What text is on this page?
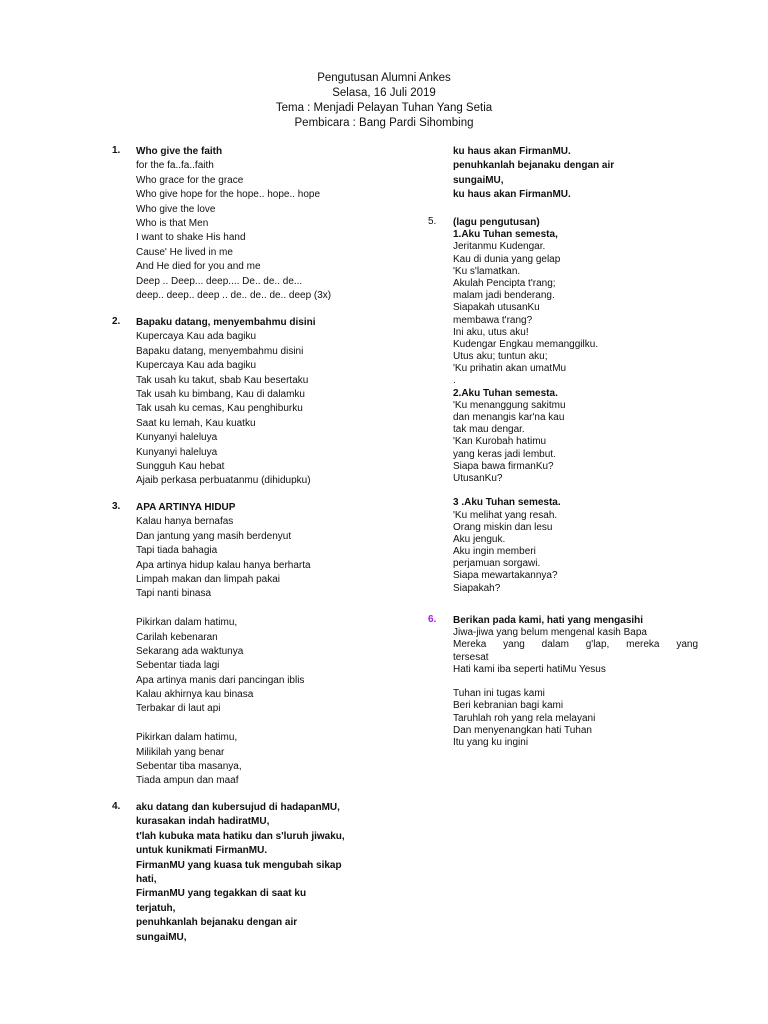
Pengutusan Alumni Ankes
Selasa, 16 Juli 2019
Tema : Menjadi Pelayan Tuhan Yang Setia
Pembicara : Bang Pardi Sihombing
1. Who give the faith
for the fa..fa..faith
Who grace for the grace
Who give hope for the hope.. hope.. hope
Who give the love
Who is that Men
I want to shake His hand
Cause' He lived in me
And He died for you and me
Deep .. Deep... deep.... De.. de.. de...
deep.. deep.. deep .. de.. de.. de.. deep (3x)
2. Bapaku datang, menyembahmu disini
Kupercaya Kau ada bagiku
Bapaku datang, menyembahmu disini
Kupercaya Kau ada bagiku
Tak usah ku takut, sbab Kau besertaku
Tak usah ku bimbang, Kau di dalamku
Tak usah ku cemas, Kau penghiburku
Saat ku lemah, Kau kuatku
Kunyanyi haleluya
Kunyanyi haleluya
Sungguh Kau hebat
Ajaib perkasa perbuatanmu (dihidupku)
3. APA ARTINYA HIDUP
Kalau hanya bernafas
Dan jantung yang masih berdenyut
Tapi tiada bahagia
Apa artinya hidup kalau hanya berharta
Limpah makan dan limpah pakai
Tapi nanti binasa
Pikirkan dalam hatimu,
Carilah kebenaran
Sekarang ada waktunya
Sebentar tiada lagi
Apa artinya manis dari pancingan iblis
Kalau akhirnya kau binasa
Terbakar di laut api
Pikirkan dalam hatimu,
Milikilah yang benar
Sebentar tiba masanya,
Tiada ampun dan maaf
4. aku datang dan kubersujud di hadapanMU,
kurasakan indah hadiratMU,
t'lah kubuka mata hatiku dan s'luruh jiwaku,
untuk kunikmati FirmanMU.
FirmanMU yang kuasa tuk mengubah sikap
hati,
FirmanMU yang tegakkan di saat ku
terjatuh,
penuhkanlah bejanaku dengan air
sungaiMU,
ku haus akan FirmanMU.
penuhkanlah bejanaku dengan air
sungaiMU,
ku haus akan FirmanMU.
5. (lagu pengutusan)
1.Aku Tuhan semesta,
Jeritanmu Kudengar.
Kau di dunia yang gelap
'Ku s'lamatkan.
Akulah Pencipta t'rang;
malam jadi benderang.
Siapakah utusanKu
membawa t'rang?
Ini aku, utus aku!
Kudengar Engkau memanggilku.
Utus aku; tuntun aku;
'Ku prihatin akan umatMu
.
2.Aku Tuhan semesta.
'Ku menanggung sakitmu
dan menangis kar'na kau
tak mau dengar.
'Kan Kurobah hatimu
yang keras jadi lembut.
Siapa bawa firmanKu?
UtusanKu?
3 .Aku Tuhan semesta.
'Ku melihat yang resah.
Orang miskin dan lesu
Aku jenguk.
Aku ingin memberi
perjamuan sorgawi.
Siapa mewartakannya?
Siapakah?
6. Berikan pada kami, hati yang mengasihi
Jiwa-jiwa yang belum mengenal kasih Bapa
Mereka yang dalam g'lap, mereka yang
tersesat
Hati kami iba seperti hatiMu Yesus
Tuhan ini tugas kami
Beri kebranian bagi kami
Taruhlah roh yang rela melayani
Dan menyenangkan hati Tuhan
Itu yang ku ingini
